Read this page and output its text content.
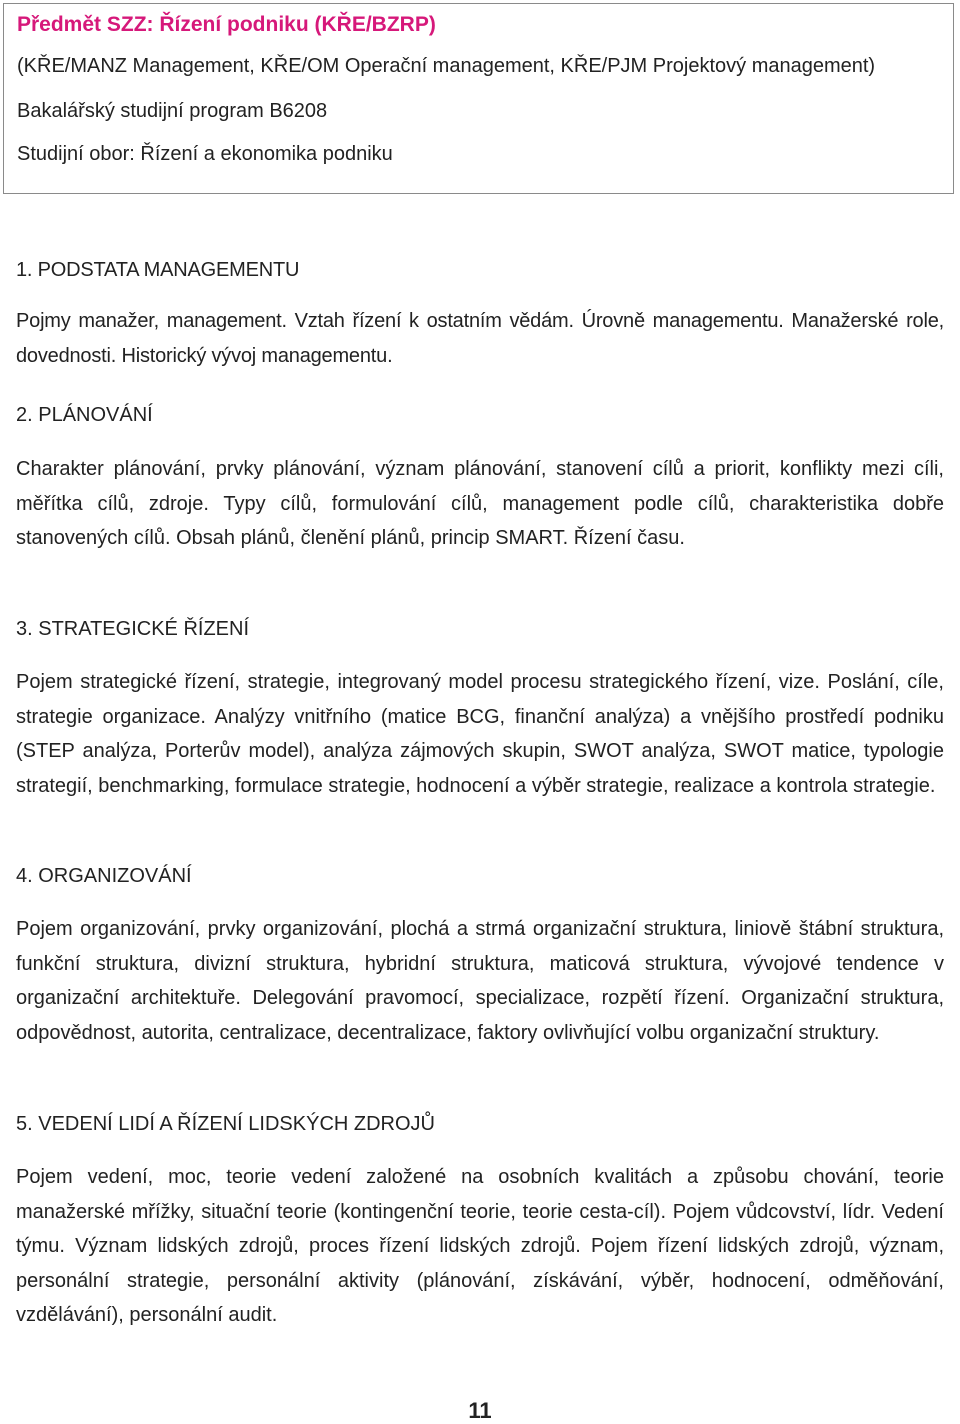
Předmět SZZ: Řízení podniku (KŘE/BZRP)
(KŘE/MANZ Management, KŘE/OM Operační management, KŘE/PJM Projektový management)
Bakalářský studijní program B6208
Studijní obor: Řízení a ekonomika podniku
1. PODSTATA MANAGEMENTU

Pojmy manažer, management. Vztah řízení k ostatním vědám. Úrovně managementu. Manažerské role, dovednosti. Historický vývoj managementu.

2. PLÁNOVÁNÍ

Charakter plánování, prvky plánování, význam plánování, stanovení cílů a priorit, konflikty mezi cíli, měřítka cílů, zdroje. Typy cílů, formulování cílů, management podle cílů, charakteristika dobře stanovených cílů. Obsah plánů, členění plánů, princip SMART. Řízení času.

3. STRATEGICKÉ ŘÍZENÍ

Pojem strategické řízení, strategie, integrovaný model procesu strategického řízení, vize. Poslání, cíle, strategie organizace. Analýzy vnitřního (matice BCG, finanční analýza) a vnějšího prostředí podniku (STEP analýza, Porterův model), analýza zájmových skupin, SWOT analýza, SWOT matice, typologie strategií, benchmarking, formulace strategie, hodnocení a výběr strategie, realizace a kontrola strategie.

4. ORGANIZOVÁNÍ

Pojem organizování, prvky organizování, plochá a strmá organizační struktura, liniově štábní struktura, funkční struktura, divizní struktura, hybridní struktura, maticová struktura, vývojové tendence v organizační architektuře. Delegování pravomocí, specializace, rozpětí řízení. Organizační struktura, odpovědnost, autorita, centralizace, decentralizace, faktory ovlivňující volbu organizační struktury.

5. VEDENÍ LIDÍ A ŘÍZENÍ LIDSKÝCH ZDROJŮ

Pojem vedení, moc, teorie vedení založené na osobních kvalitách a způsobu chování, teorie manažerské mřížky, situační teorie (kontingenční teorie, teorie cesta-cíl). Pojem vůdcovství, lídr. Vedení týmu. Význam lidských zdrojů, proces řízení lidských zdrojů. Pojem řízení lidských zdrojů, význam, personální strategie, personální aktivity (plánování, získávání, výběr, hodnocení, odměňování, vzdělávání), personální audit.

11
